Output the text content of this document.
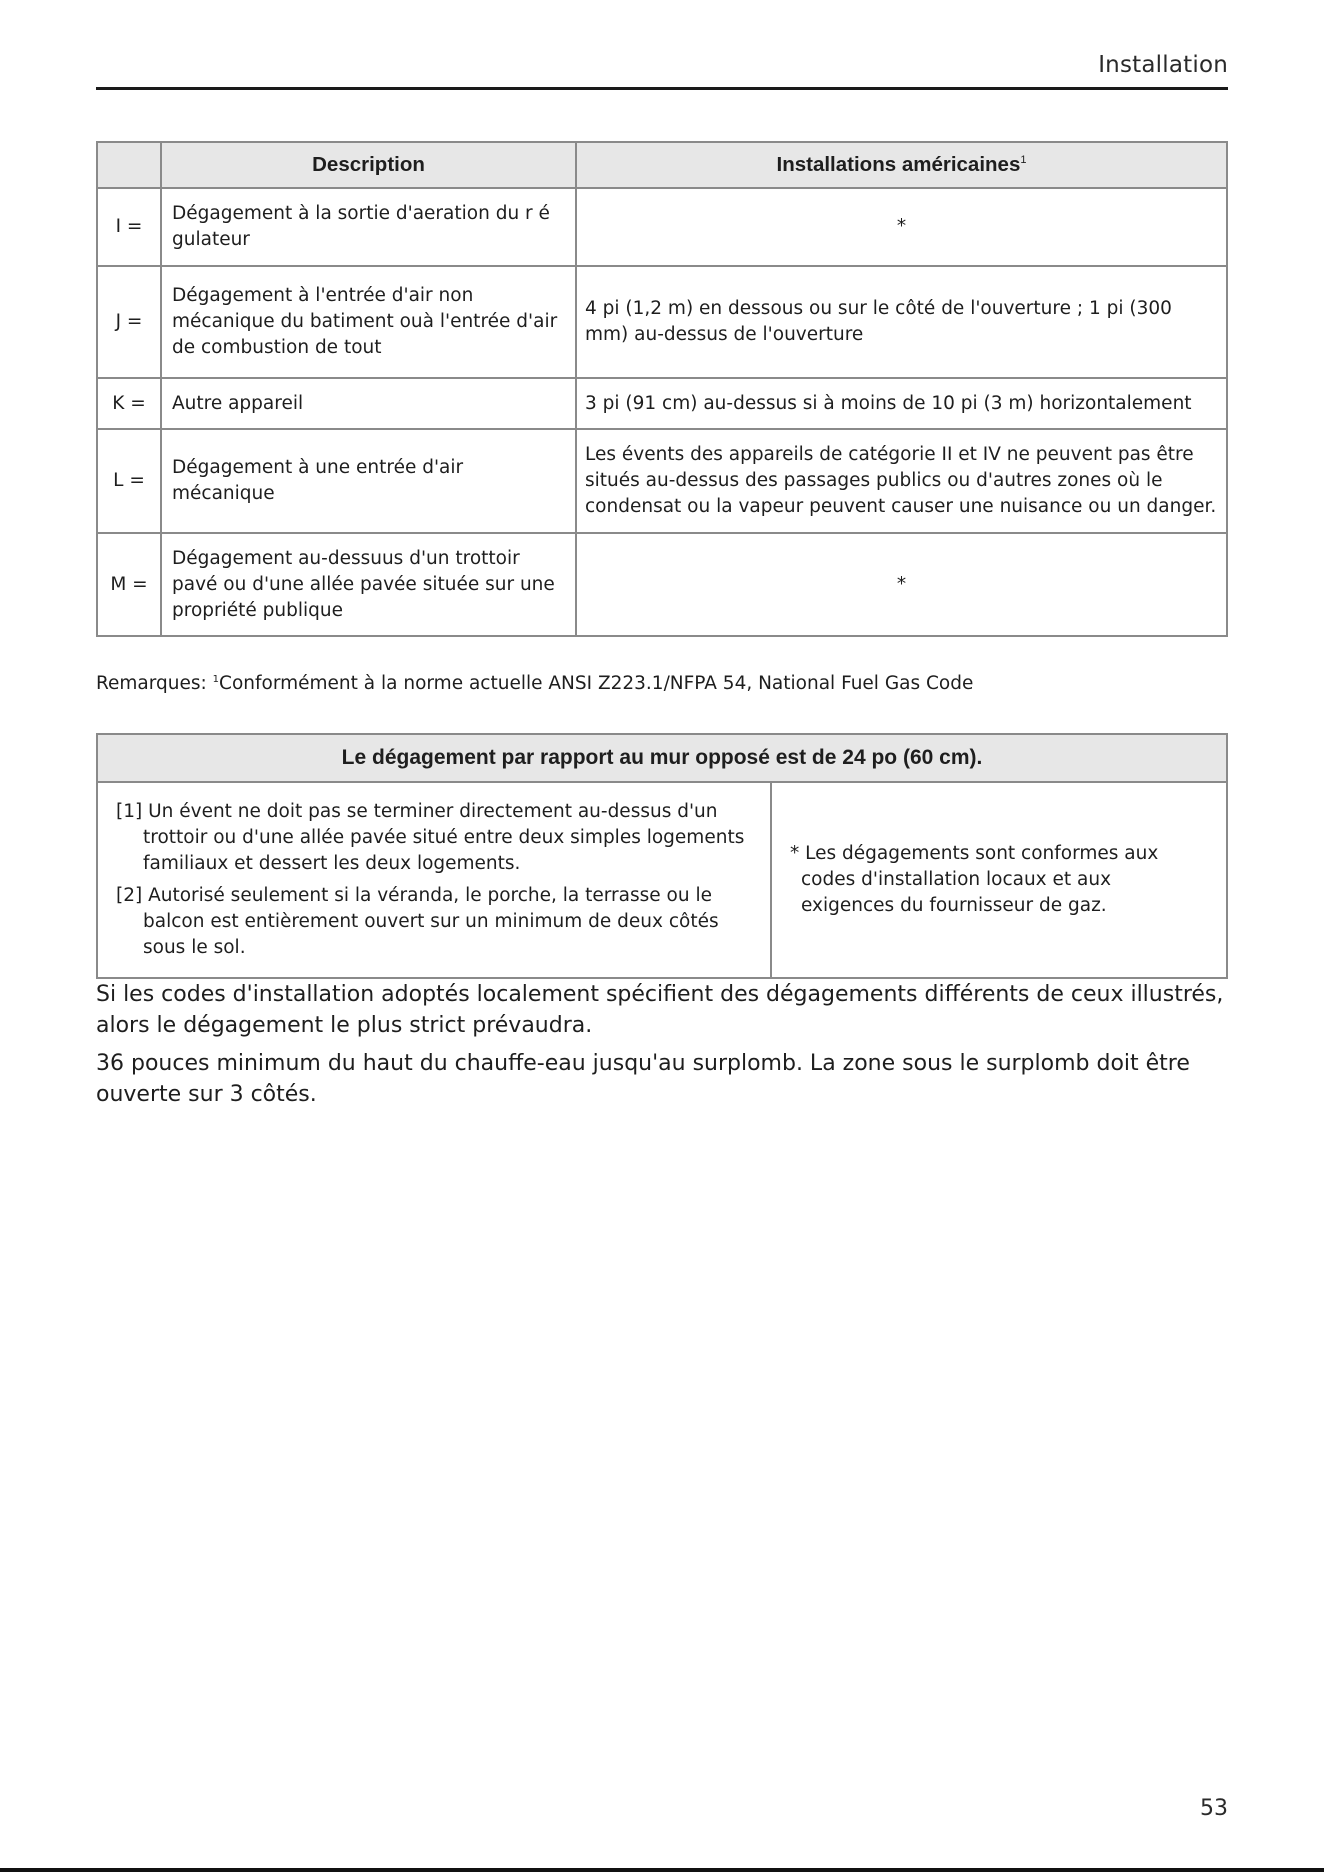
Installation
	Description	Installations américaines$^1$
I =	Dégagement à la sortie d'aeration du r é gulateur	*
J =	Dégagement à l'entrée d'air non mécanique du batiment ouà l'entrée d'air de combustion de tout	4 pi (1,2 m) en dessous ou sur le côté de l'ouverture ; 1 pi (300 mm) au-dessus de l'ouverture
K =	Autre appareil	3 pi (91 cm) au-dessus si à moins de 10 pi (3 m) horizontalement
L =	Dégagement à une entrée d'air mécanique	Les évents des appareils de catégorie II et IV ne peuvent pas être situés au-dessus des passages publics ou d'autres zones où le condensat ou la vapeur peuvent causer une nuisance ou un danger.
M =	Dégagement au-dessuus d'un trottoir pavé ou d'une allée pavée située sur une propriété publique	*
Remarques: $^1$Conformément à la norme actuelle ANSI Z223.1/NFPA 54, National Fuel Gas Code
Le dégagement par rapport au mur opposé est de 24 po (60 cm).

[1] Un évent ne doit pas se terminer directement au-dessus d'un trottoir ou d'une allée pavée situé entre deux simples logements familiaux et dessert les deux logements.

[2] Autorisé seulement si la véranda, le porche, la terrasse ou le balcon est entièrement ouvert sur un minimum de deux côtés sous le sol.

* Les dégagements sont conformes aux codes d'installation locaux et aux exigences du fournisseur de gaz.

Si les codes d'installation adoptés localement spécifient des dégagements différents de ceux illustrés, alors le dégagement le plus strict prévaudra.

36 pouces minimum du haut du chauffe-eau jusqu'au surplomb. La zone sous le surplomb doit être ouverte sur 3 côtés.

53
